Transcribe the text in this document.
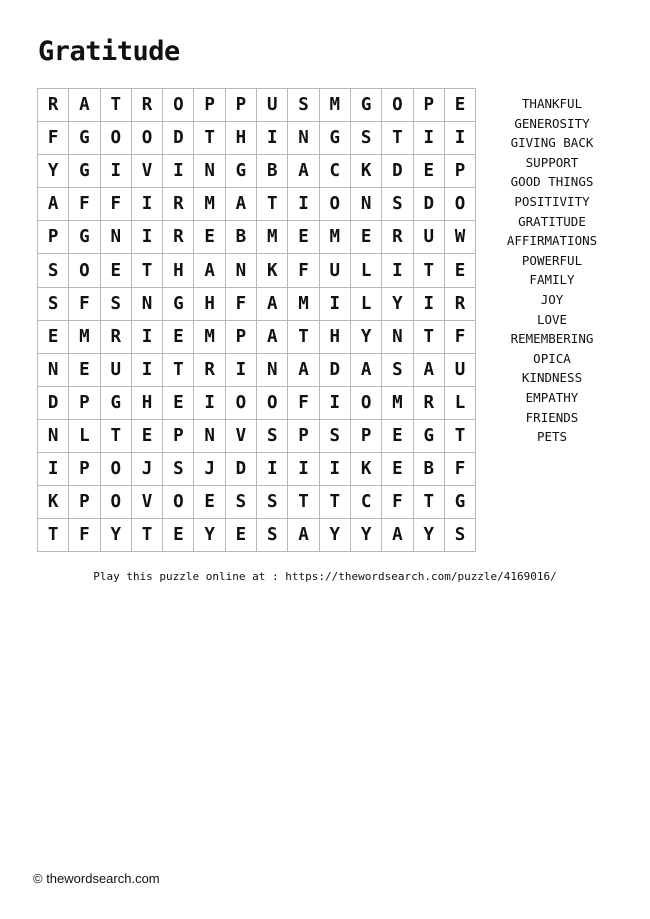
Gratitude
R	A	T	R	O	P	P	U	S	M	G	O	P	E
F	G	O	O	D	T	H	I	N	G	S	T	I	I
Y	G	I	V	I	N	G	B	A	C	K	D	E	P
A	F	F	I	R	M	A	T	I	O	N	S	D	O
P	G	N	I	R	E	B	M	E	M	E	R	U	W
S	O	E	T	H	A	N	K	F	U	L	I	T	E
S	F	S	N	G	H	F	A	M	I	L	Y	I	R
E	M	R	I	E	M	P	A	T	H	Y	N	T	F
N	E	U	I	T	R	I	N	A	D	A	S	A	U
D	P	G	H	E	I	O	O	F	I	O	M	R	L
N	L	T	E	P	N	V	S	P	S	P	E	G	T
I	P	O	J	S	J	D	I	I	I	K	E	B	F
K	P	O	V	O	E	S	S	T	T	C	F	T	G
T	F	Y	T	E	Y	E	S	A	Y	Y	A	Y	S
THANKFUL
GENEROSITY
GIVING BACK
SUPPORT
GOOD THINGS
POSITIVITY
GRATITUDE
AFFIRMATIONS
POWERFUL
FAMILY
JOY
LOVE
REMEMBERING
OPICA
KINDNESS
EMPATHY
FRIENDS
PETS
Play this puzzle online at : https://thewordsearch.com/puzzle/4169016/
© thewordsearch.com
